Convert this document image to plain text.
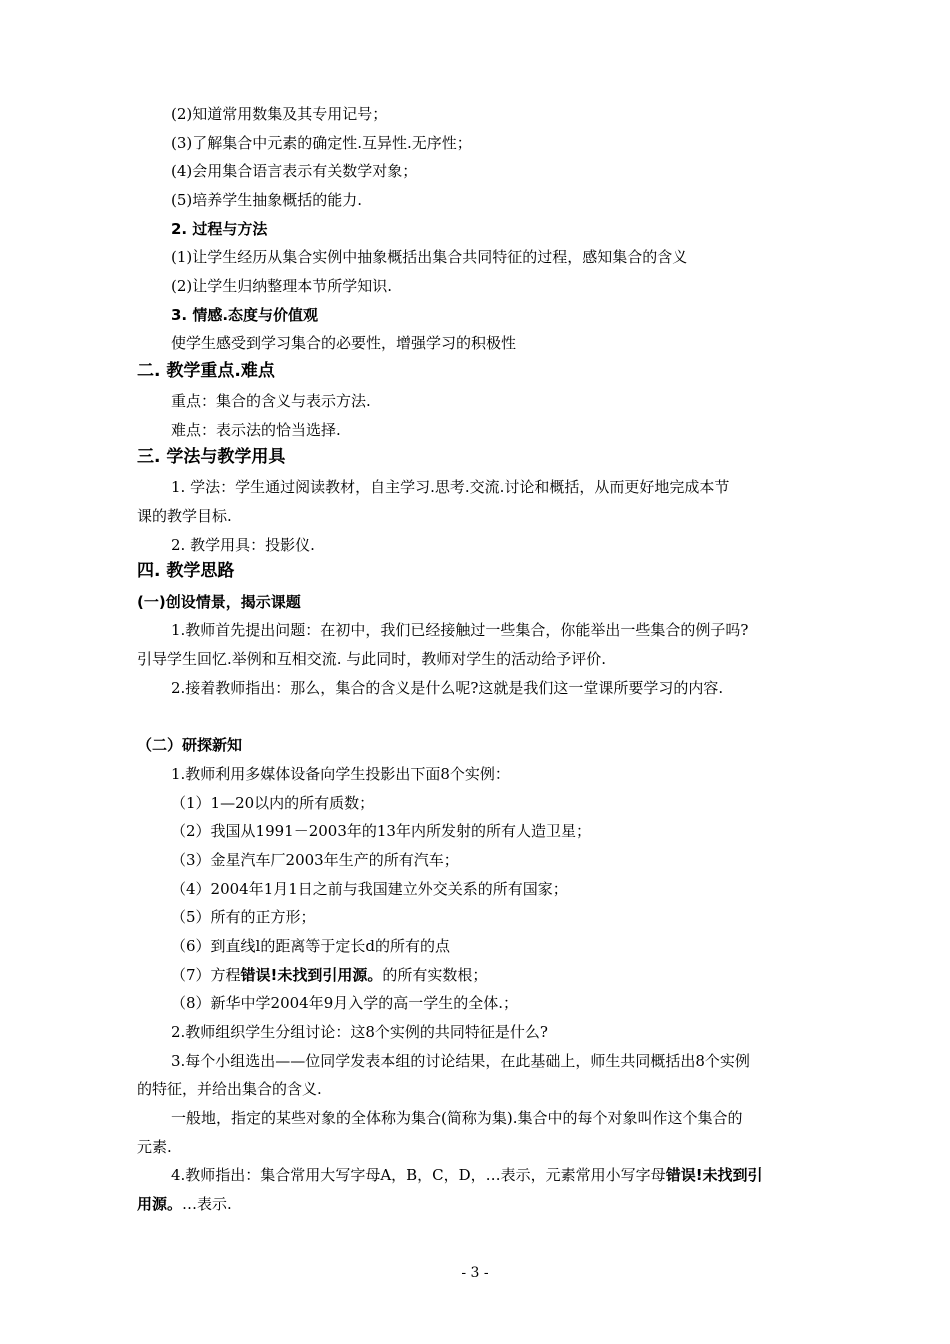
(2)知道常用数集及其专用记号；
(3)了解集合中元素的确定性.互异性.无序性；
(4)会用集合语言表示有关数学对象；
(5)培养学生抽象概括的能力.
2. 过程与方法
(1)让学生经历从集合实例中抽象概括出集合共同特征的过程，感知集合的含义
(2)让学生归纳整理本节所学知识.
3. 情感.态度与价值观
使学生感受到学习集合的必要性，增强学习的积极性
二. 教学重点.难点
重点：集合的含义与表示方法.
难点：表示法的恰当选择.
三. 学法与教学用具
1. 学法：学生通过阅读教材，自主学习.思考.交流.讨论和概括，从而更好地完成本节
课的教学目标.
2. 教学用具：投影仪.
四. 教学思路
(一)创设情景，揭示课题
1.教师首先提出问题：在初中，我们已经接触过一些集合，你能举出一些集合的例子吗?
引导学生回忆.举例和互相交流. 与此同时，教师对学生的活动给予评价.
2.接着教师指出：那么，集合的含义是什么呢?这就是我们这一堂课所要学习的内容.
（二）研探新知
1.教师利用多媒体设备向学生投影出下面8个实例：
（1）1—20以内的所有质数；
（2）我国从1991－2003年的13年内所发射的所有人造卫星；
（3）金星汽车厂2003年生产的所有汽车；
（4）2004年1月1日之前与我国建立外交关系的所有国家；
（5）所有的正方形；
（6）到直线l的距离等于定长d的所有的点
（7）方程错误!未找到引用源。的所有实数根；
（8）新华中学2004年9月入学的高一学生的全体.；
2.教师组织学生分组讨论：这8个实例的共同特征是什么?
3.每个小组选出——位同学发表本组的讨论结果，在此基础上，师生共同概括出8个实例
的特征，并给出集合的含义.
一般地，指定的某些对象的全体称为集合(简称为集).集合中的每个对象叫作这个集合的
元素.
4.教师指出：集合常用大写字母A，B，C，D，…表示，元素常用小写字母错误!未找到引
用源。…表示.
- 3 -
